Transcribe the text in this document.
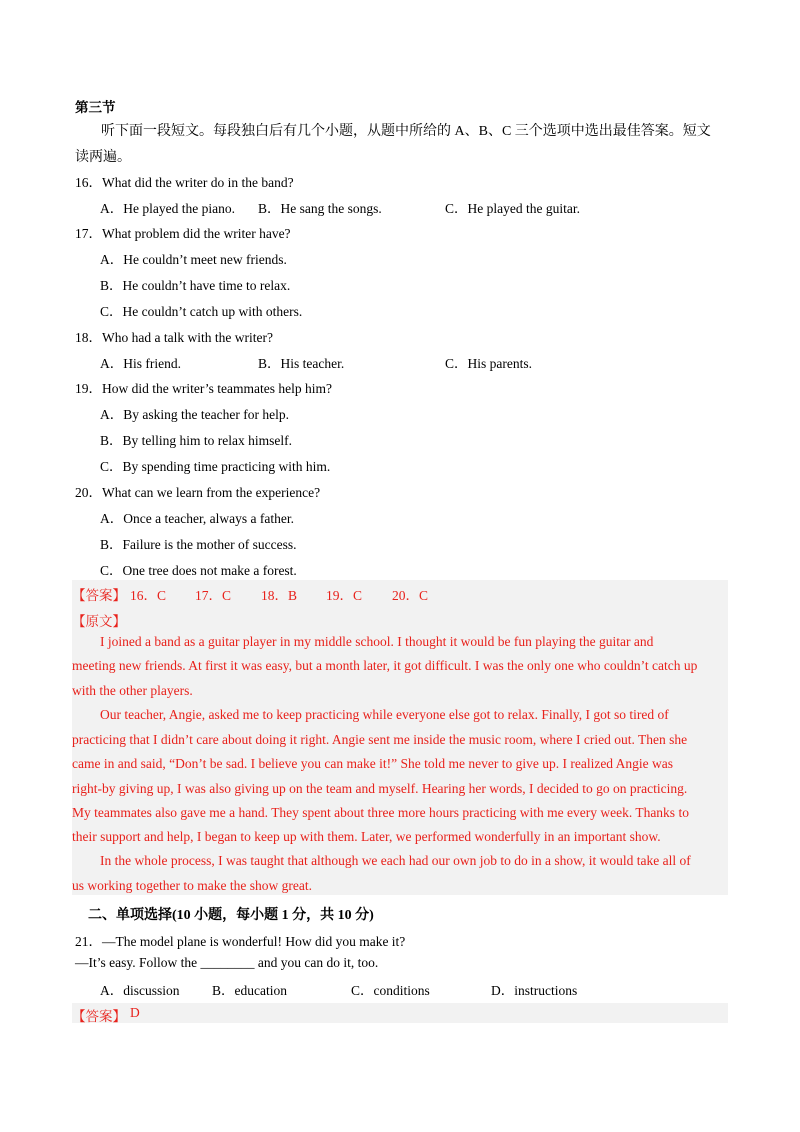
第三节
听下面一段短文。每段独白后有几个小题，从题中所给的 A、B、C 三个选项中选出最佳答案。短文
读两遍。
16．What did the writer do in the band?
A．He played the piano. B．He sang the songs.	C．He played the guitar.
17．What problem did the writer have?
A．He couldn’t meet new friends.
B．He couldn’t have time to relax.
C．He couldn’t catch up with others.
18．Who had a talk with the writer?
A．His friend.	B．His teacher.	C．His parents.
19．How did the writer’s teammates help him?
A．By asking the teacher for help.
B．By telling him to relax himself.
C．By spending time practicing with him.
20．What can we learn from the experience?
A．Once a teacher, always a father.
B．Failure is the mother of success.
C．One tree does not make a forest.
【答案】 16．C 17．C 18．B 19．C 20．C
【原文】
I joined a band as a guitar player in my middle school. I thought it would be fun playing the guitar and
meeting new friends. At first it was easy, but a month later, it got difficult. I was the only one who couldn’t catch up
with the other players.
Our teacher, Angie, asked me to keep practicing while everyone else got to relax. Finally, I got so tired of
practicing that I didn’t care about doing it right. Angie sent me inside the music room, where I cried out. Then she
came in and said, “Don’t be sad. I believe you can make it!” She told me never to give up. I realized Angie was
right-by giving up, I was also giving up on the team and myself. Hearing her words, I decided to go on practicing.
My teammates also gave me a hand. They spent about three more hours practicing with me every week. Thanks to
their support and help, I began to keep up with them. Later, we performed wonderfully in an important show.
In the whole process, I was taught that although we each had our own job to do in a show, it would take all of
us working together to make the show great.
二、单项选择(10 小题，每小题 1 分，共 10 分)
21．—The model plane is wonderful! How did you make it?
—It’s easy. Follow the ________ and you can do it, too.
A．discussion B．education	C．conditions	D．instructions
【答案】 D
